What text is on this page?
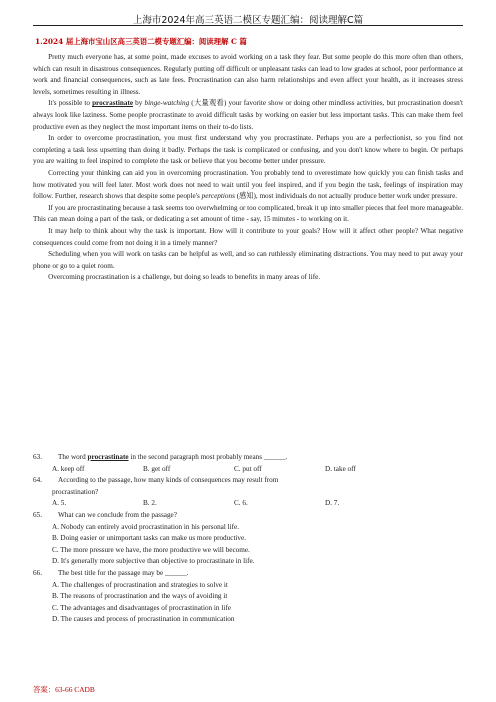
上海市2024年高三英语二模区专题汇编：阅读理解C篇
1.2024 届上海市宝山区高三英语二模专题汇编：阅读理解 C 篇

Pretty much everyone has, at some point, made excuses to avoid working on a task they fear. But some people do this more often than others, which can result in disastrous consequences. Regularly putting off difficult or unpleasant tasks can lead to low grades at school, poor performance at work and financial consequences, such as late fees. Procrastination can also harm relationships and even affect your health, as it increases stress levels, sometimes resulting in illness.

It's possible to procrastinate by binge-watching (大量观看) your favorite show or doing other mindless activities, but procrastination doesn't always look like laziness. Some people procrastinate to avoid difficult tasks by working on easier but less important tasks. This can make them feel productive even as they neglect the most important items on their to-do lists.

In order to overcome procrastination, you must first understand why you procrastinate. Perhaps you are a perfectionist, so you find not completing a task less upsetting than doing it badly. Perhaps the task is complicated or confusing, and you don't know where to begin. Or perhaps you are waiting to feel inspired to complete the task or believe that you become better under pressure.

Correcting your thinking can aid you in overcoming procrastination. You probably tend to overestimate how quickly you can finish tasks and how motivated you will feel later. Most work does not need to wait until you feel inspired, and if you begin the task, feelings of inspiration may follow. Further, research shows that despite some people's perceptions (感知), most individuals do not actually produce better work under pressure.

If you are procrastinating because a task seems too overwhelming or too complicated, break it up into smaller pieces that feel more manageable. This can mean doing a part of the task, or dedicating a set amount of time - say, 15 minutes - to working on it.

It may help to think about why the task is important. How will it contribute to your goals? How will it affect other people? What negative consequences could come from not doing it in a timely manner?

Scheduling when you will work on tasks can be helpful as well, and so can ruthlessly eliminating distractions. You may need to put away your phone or go to a quiet room.

Overcoming procrastination is a challenge, but doing so leads to benefits in many areas of life.

63.	The word procrastinate in the second paragraph most probably means ______.
A. keep off	B. get off	C. put off	D. take off
64.	According to the passage, how many kinds of consequences may result from
procrastination?
A. 5.	B. 2.	C. 6.	D. 7.
65.	What can we conclude from the passage?
A. Nobody can entirely avoid procrastination in his personal life.
B. Doing easier or unimportant tasks can make us more productive.
C. The more pressure we have, the more productive we will become.
D. It's generally more subjective than objective to procrastinate in life.
66.	The best title for the passage may be ______.
A. The challenges of procrastination and strategies to solve it
B. The reasons of procrastination and the ways of avoiding it
C. The advantages and disadvantages of procrastination in life
D. The causes and process of procrastination in communication
答案：63-66 CADB
